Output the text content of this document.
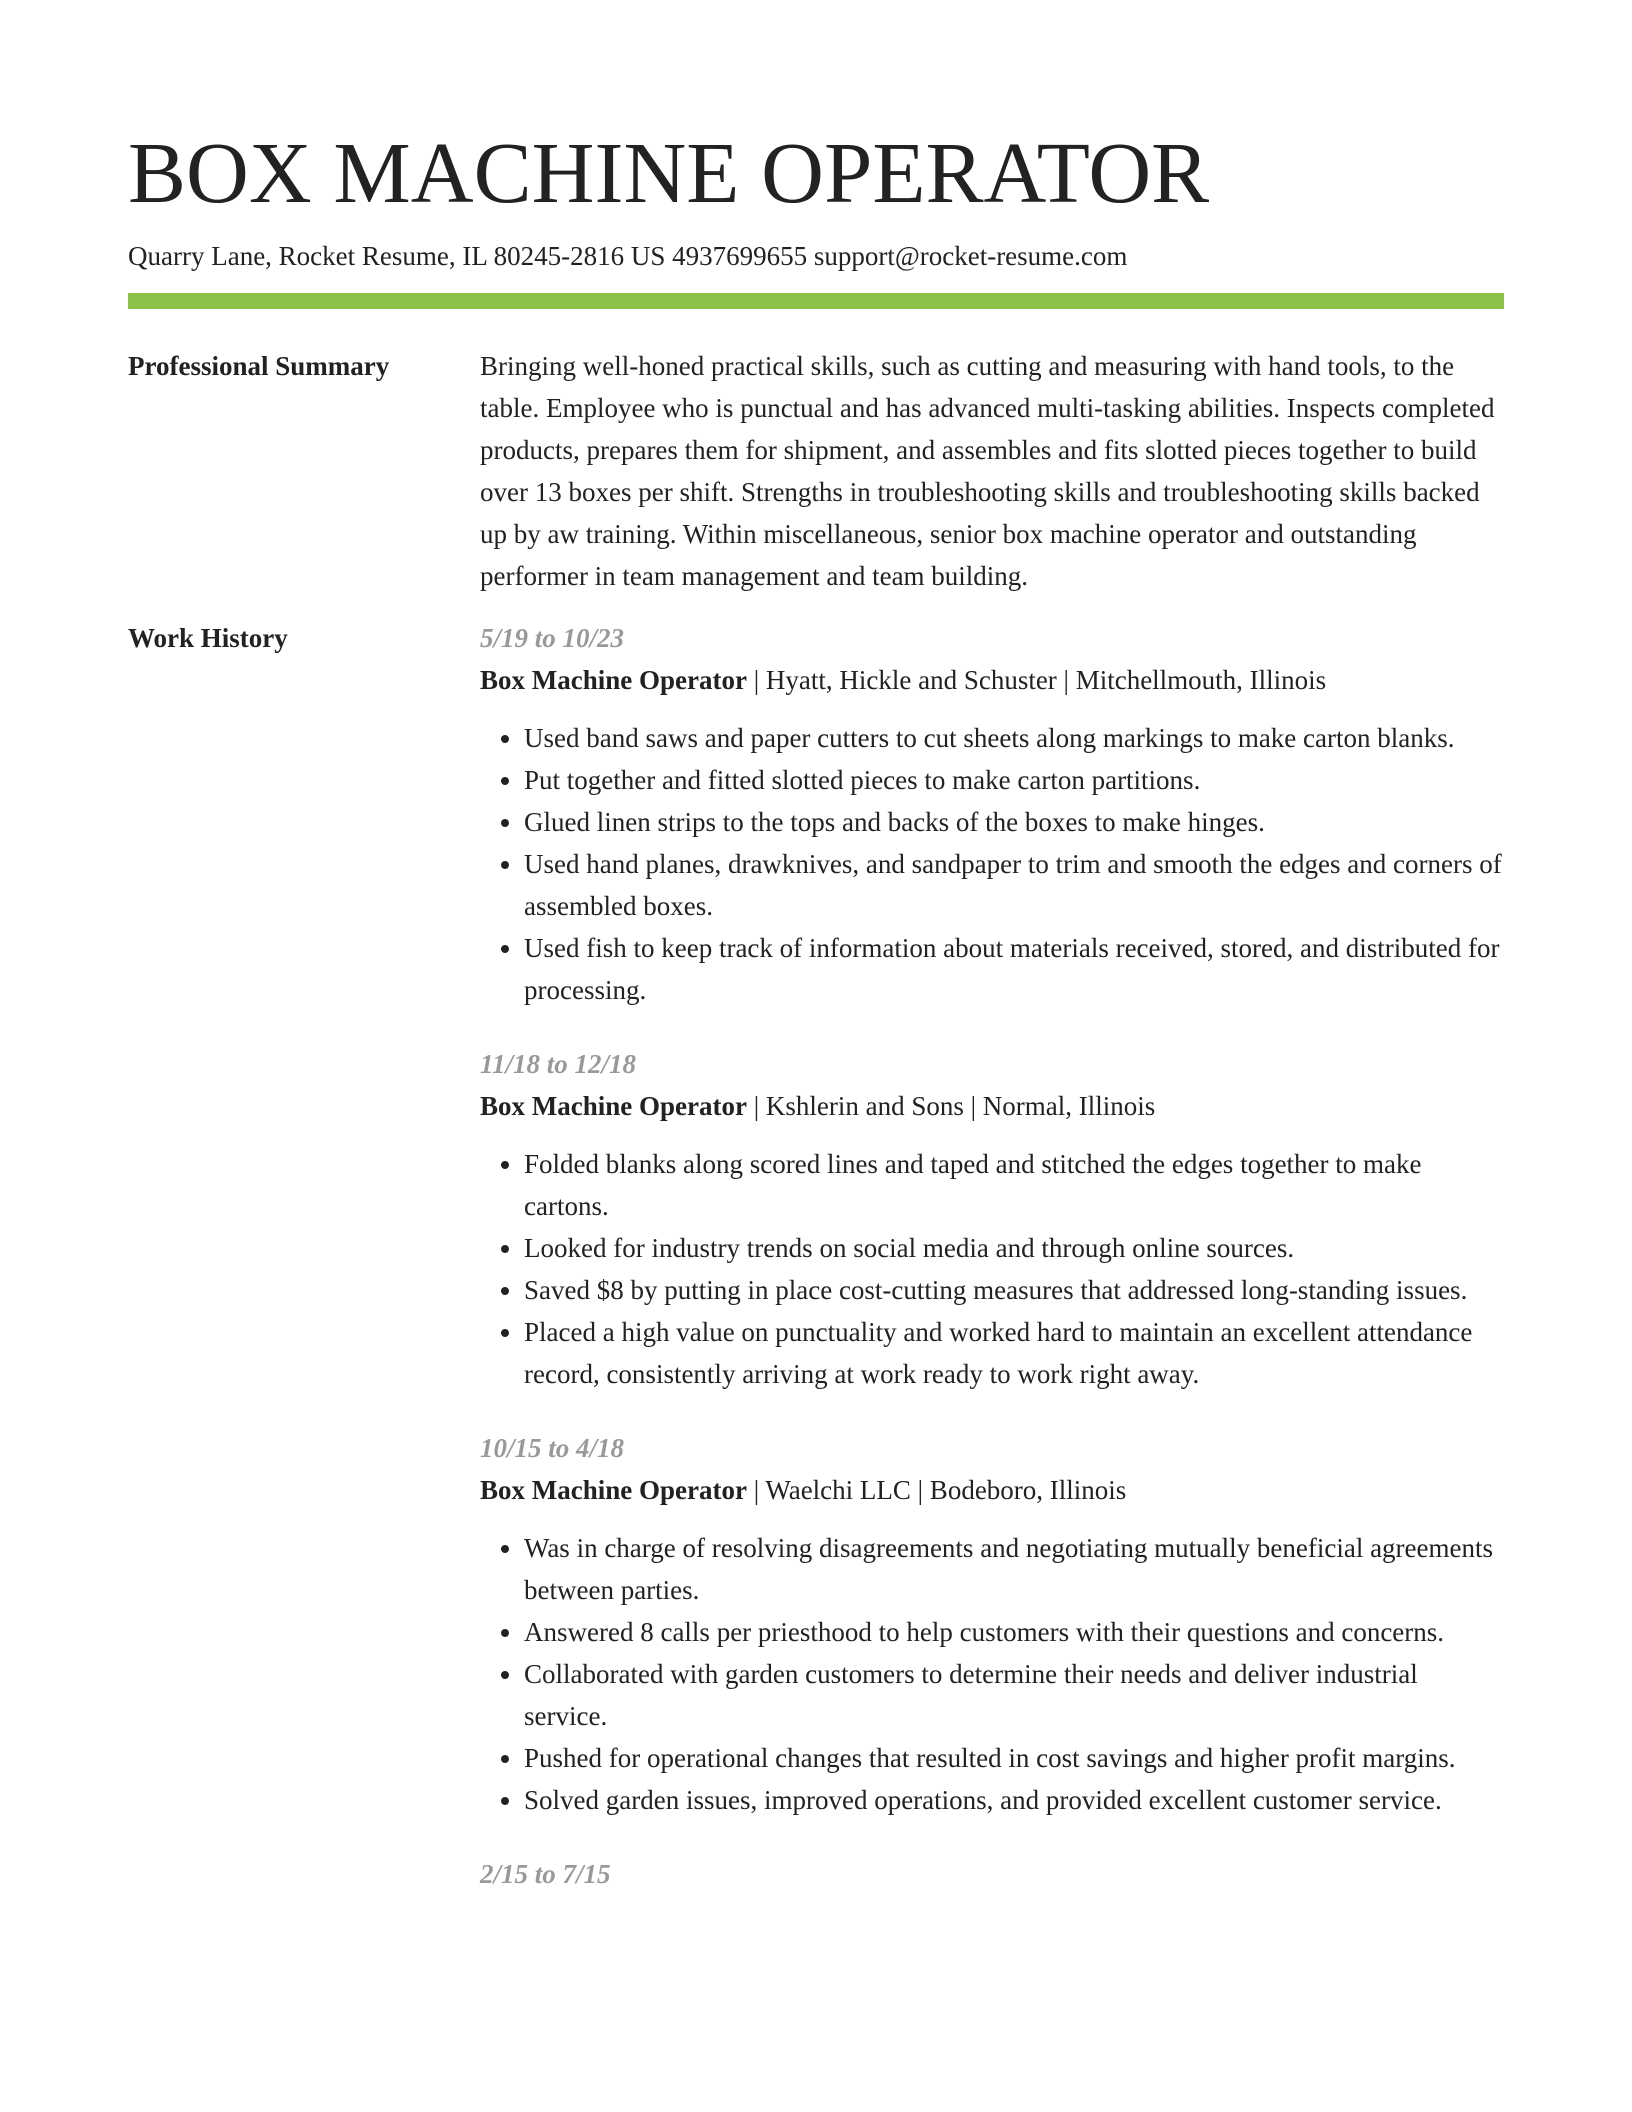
BOX MACHINE OPERATOR
Quarry Lane, Rocket Resume, IL 80245-2816 US 4937699655 support@rocket-resume.com
Professional Summary	Bringing well-honed practical skills, such as cutting and measuring with hand tools, to the table. Employee who is punctual and has advanced multi-tasking abilities. Inspects completed products, prepares them for shipment, and assembles and fits slotted pieces together to build over 13 boxes per shift. Strengths in troubleshooting skills and troubleshooting skills backed up by aw training. Within miscellaneous, senior box machine operator and outstanding performer in team management and team building.
Work History	5/19 to 10/23
Box Machine Operator | Hyatt, Hickle and Schuster | Mitchellmouth, Illinois
• Used band saws and paper cutters to cut sheets along markings to make carton blanks.
• Put together and fitted slotted pieces to make carton partitions.
• Glued linen strips to the tops and backs of the boxes to make hinges.
• Used hand planes, drawknives, and sandpaper to trim and smooth the edges and corners of assembled boxes.
• Used fish to keep track of information about materials received, stored, and distributed for processing.
11/18 to 12/18
Box Machine Operator | Kshlerin and Sons | Normal, Illinois
• Folded blanks along scored lines and taped and stitched the edges together to make cartons.
• Looked for industry trends on social media and through online sources.
• Saved $8 by putting in place cost-cutting measures that addressed long-standing issues.
• Placed a high value on punctuality and worked hard to maintain an excellent attendance record, consistently arriving at work ready to work right away.
10/15 to 4/18
Box Machine Operator | Waelchi LLC | Bodeboro, Illinois
• Was in charge of resolving disagreements and negotiating mutually beneficial agreements between parties.
• Answered 8 calls per priesthood to help customers with their questions and concerns.
• Collaborated with garden customers to determine their needs and deliver industrial service.
• Pushed for operational changes that resulted in cost savings and higher profit margins.
• Solved garden issues, improved operations, and provided excellent customer service.
2/15 to 7/15
